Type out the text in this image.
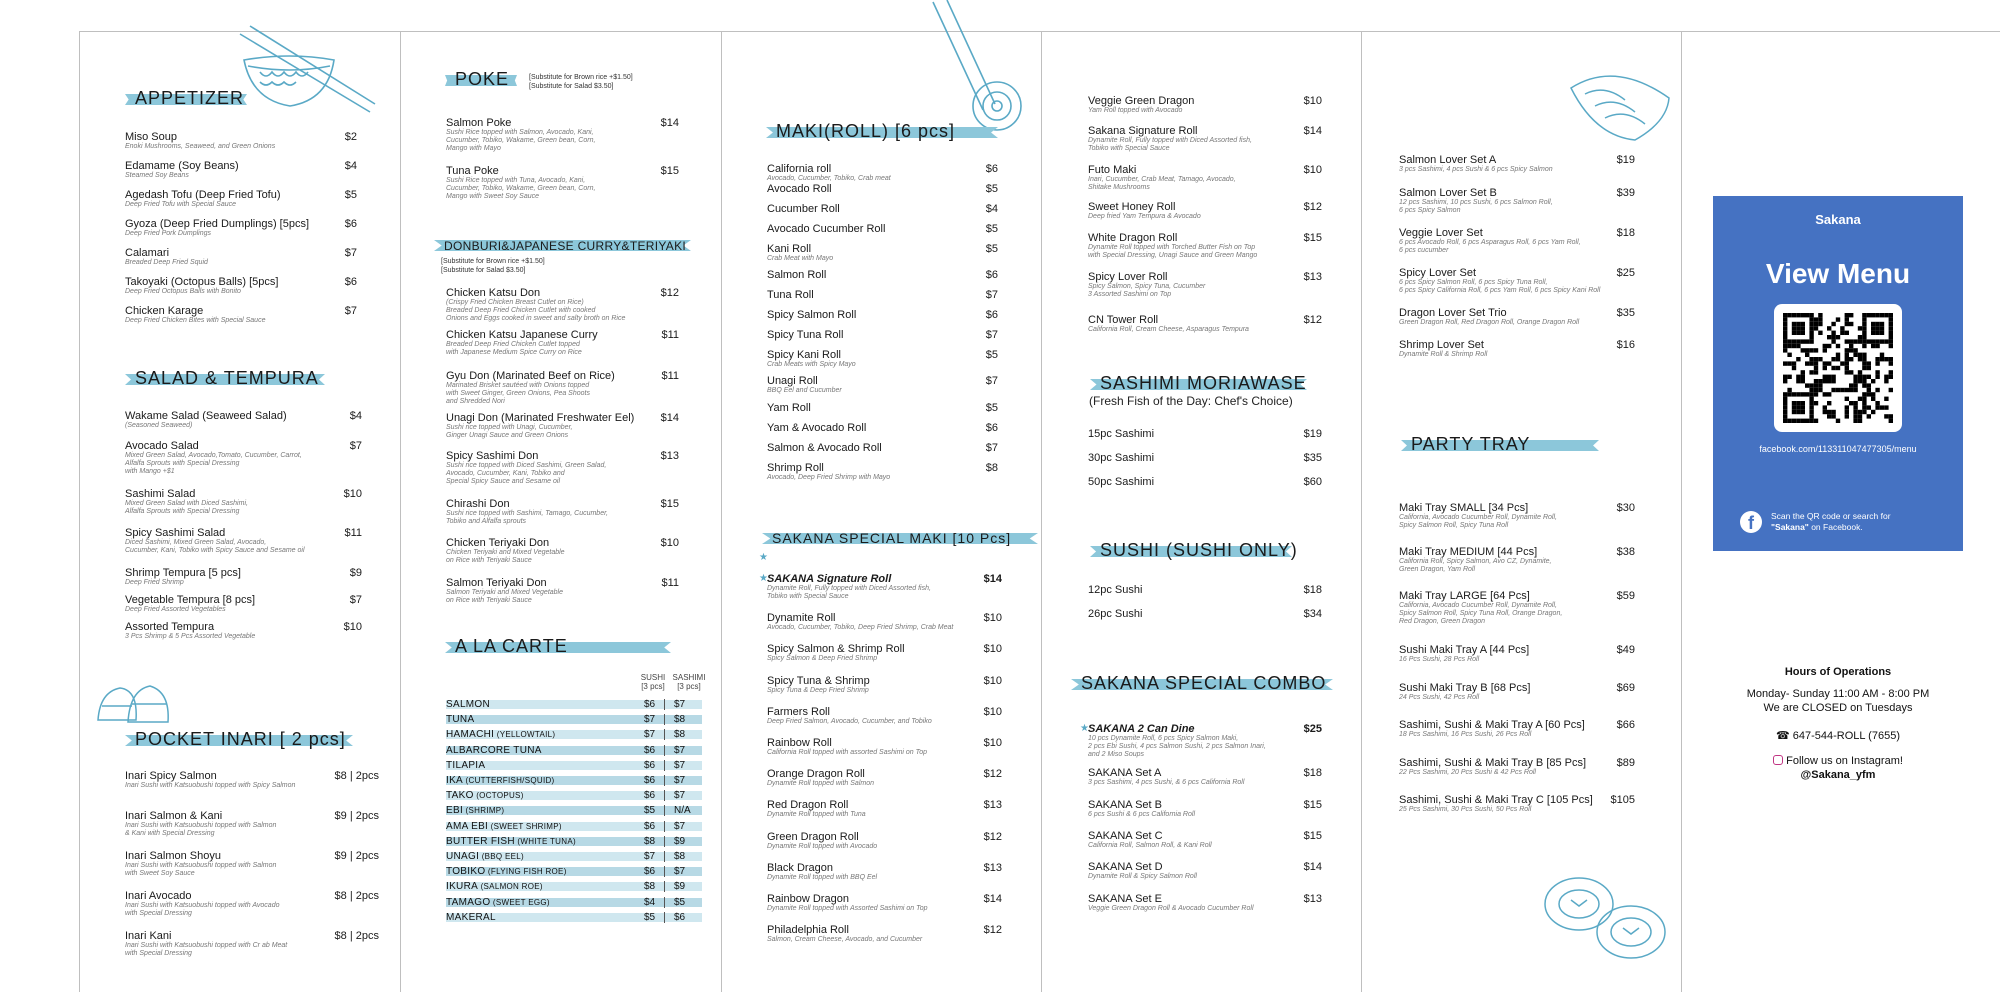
APPETIZER
Miso Soup
Enoki Mushrooms, Seaweed, and Green Onions
$2
Edamame (Soy Beans)
Steamed Soy Beans
$4
Agedash Tofu (Deep Fried Tofu)
Deep Fried Tofu with Special Sauce
$5
Gyoza (Deep Fried Dumplings) [5pcs]
Deep Fried Pork Dumplings
$6
Calamari
Breaded Deep Fried Squid
$7
Takoyaki (Octopus Balls) [5pcs]
Deep Fried Octopus Balls with Bonito
$6
Chicken Karage
Deep Fried Chicken Bites with Special Sauce
$7
SALAD & TEMPURA
Wakame Salad (Seaweed Salad)
(Seasoned Seaweed)
$4
Avocado Salad
Mixed Green Salad, Avocado,Tomato, Cucumber, Carrot,
Alfalfa Sprouts with Special Dressing
with Mango +$1
$7
Sashimi Salad
Mixed Green Salad with Diced Sashimi,
Alfalfa Sprouts with Special Dressing
$10
Spicy Sashimi Salad
Diced Sashimi, Mixed Green Salad, Avocado,
Cucumber, Kani, Tobiko with Spicy Sauce and Sesame oil
$11
Shrimp Tempura [5 pcs]
Deep Fried Shrimp
$9
Vegetable Tempura [8 pcs]
Deep Fried Assorted Vegetables
$7
Assorted Tempura
3 Pcs Shrimp & 5 Pcs Assorted Vegetable
$10
POCKET INARI [ 2 pcs]
Inari Spicy Salmon
Inari Sushi with Katsuobushi topped with Spicy Salmon
$8 | 2pcs
Inari Salmon & Kani
Inari Sushi with Katsuobushi topped with Salmon
& Kani with Special Dressing
$9 | 2pcs
Inari Salmon Shoyu
Inari Sushi with Katsuobushi topped with Salmon
with Sweet Soy Sauce
$9 | 2pcs
Inari Avocado
Inari Sushi with Katsuobushi topped with Avocado
with Special Dressing
$8 | 2pcs
Inari Kani
Inari Sushi with Katsuobushi topped with Cr ab Meat
with Special Dressing
$8 | 2pcs
POKE	[Substitute for Brown rice +$1.50]
[Substitute for Salad $3.50]
Salmon Poke
Sushi Rice topped with Salmon, Avocado, Kani,
Cucumber, Tobiko, Wakame, Green bean, Corn,
Mango with Mayo
$14
Tuna Poke
Sushi Rice topped with Tuna, Avocado, Kani,
Cucumber, Tobiko, Wakame, Green bean, Corn,
Mango with Sweet Soy Sauce
$15
DONBURI&JAPANESE CURRY&TERIYAKI
[Substitute for Brown rice +$1.50]
[Substitute for Salad $3.50]
Chicken Katsu Don
(Crispy Fried Chicken Breast Cutlet on Rice)
Breaded Deep Fried Chicken Cutlet with cooked
Onions and Eggs cooked in sweet and salty broth on Rice
$12
Chicken Katsu Japanese Curry
Breaded Deep Fried Chicken Cutlet topped
with Japanese Medium Spice Curry on Rice
$11
Gyu Don (Marinated Beef on Rice)
Marinated Brisket sautéed with Onions topped
with Sweet Ginger, Green Onions, Pea Shoots
and Shredded Nori
$11
Unagi Don (Marinated Freshwater Eel)
Sushi rice topped with Unagi, Cucumber,
Ginger Unagi Sauce and Green Onions
$14
Spicy Sashimi Don
Sushi rice topped with Diced Sashimi, Green Salad,
Avocado, Cucumber, Kani, Tobiko and
Special Spicy Sauce and Sesame oil
$13
Chirashi Don
Sushi rice topped with Sashimi, Tamago, Cucumber,
Tobiko and Alfalfa sprouts
$15
Chicken Teriyaki Don
Chicken Teriyaki and Mixed Vegetable
on Rice with Teriyaki Sauce
$10
Salmon Teriyaki Don
Salmon Teriyaki and Mixed Vegetable
on Rice with Teriyaki Sauce
$11
A LA CARTE
SUSHI
[3 pcs]
SASHIMI
[3 pcs]
SALMON	$6 $7
TUNA	$7 $8
HAMACHI (YELLOWTAIL)	$7 $8
ALBARCORE TUNA	$6 $7
TILAPIA	$6 $7
IKA (CUTTERFISH/SQUID)	$6 $7
TAKO (OCTOPUS)	$6 $7
EBI (SHRIMP)	$5 N/A
AMA EBI (SWEET SHRIMP)	$6 $7
BUTTER FISH (WHITE TUNA)	$8 $9
UNAGI (BBQ EEL)	$7 $8
TOBIKO (FLYING FISH ROE)	$6 $7
IKURA (SALMON ROE)	$8 $9
TAMAGO (SWEET EGG)	$4 $5
MAKERAL	$5 $6
MAKI(ROLL) [6 pcs]
California roll
Avocado, Cucumber, Tobiko, Crab meat
$6
Avocado Roll	$5
Cucumber Roll	$4
Avocado Cucumber Roll	$5
Kani Roll
Crab Meat with Mayo
$5
Salmon Roll	$6
Tuna Roll	$7
Spicy Salmon Roll	$6
Spicy Tuna Roll	$7
Spicy Kani Roll
Crab Meats with Spicy Mayo
$5
Unagi Roll
BBQ Eel and Cucumber
$7
Yam Roll	$5
Yam & Avocado Roll	$6
Salmon & Avocado Roll	$7
Shrimp Roll
Avocado, Deep Fried Shrimp with Mayo
$8
SAKANA SPECIAL MAKI [10 Pcs]
★
SAKANA Signature Roll
★
Dynamite Roll, Fully topped with Diced Assorted fish,
Tobiko with Special Sauce
$14
Dynamite Roll
Avocado, Cucumber, Tobiko, Deep Fried Shrimp, Crab Meat
$10
Spicy Salmon & Shrimp Roll
Spicy Salmon & Deep Fried Shrimp
$10
Spicy Tuna & Shrimp
Spicy Tuna & Deep Fried Shrimp
$10
Farmers Roll
Deep Fried Salmon, Avocado, Cucumber, and Tobiko
$10
Rainbow Roll
California Roll topped with assorted Sashimi on Top
$10
Orange Dragon Roll
Dynamite Roll topped with Salmon
$12
Red Dragon Roll
Dynamite Roll topped with Tuna
$13
Green Dragon Roll
Dynamite Roll topped with Avocado
$12
Black Dragon
Dynamite Roll topped with BBQ Eel
$13
Rainbow Dragon
Dynamite Roll topped with Assorted Sashimi on Top
$14
Philadelphia Roll
Salmon, Cream Cheese, Avocado, and Cucumber
$12
Veggie Green Dragon
Yam Roll topped with Avocado
$10
Sakana Signature Roll
Dynamite Roll, Fully topped with Diced Assorted fish,
Tobiko with Special Sauce
$14
Futo Maki
Inari, Cucumber, Crab Meat, Tamago, Avocado,
Shitake Mushrooms
$10
Sweet Honey Roll
Deep fried Yam Tempura & Avocado
$12
White Dragon Roll
Dynamite Roll topped with Torched Butter Fish on Top
with Special Dressing, Unagi Sauce and Green Mango
$15
Spicy Lover Roll
Spicy Salmon, Spicy Tuna, Cucumber
3 Assorted Sashimi on Top
$13
CN Tower Roll
California Roll, Cream Cheese, Asparagus Tempura
$12
SASHIMI MORIAWASE
(Fresh Fish of the Day: Chef's Choice)
15pc Sashimi	$19
30pc Sashimi	$35
50pc Sashimi	$60
SUSHI (SUSHI ONLY)
12pc Sushi	$18
26pc Sushi	$34
SAKANA SPECIAL COMBO
SAKANA 2 Can Dine
★
10 pcs Dynamite Roll, 6 pcs Spicy Salmon Maki,
2 pcs Ebi Sushi, 4 pcs Salmon Sushi, 2 pcs Salmon Inari,
and 2 Miso Soups
$25
SAKANA Set A
3 pcs Sashimi, 4 pcs Sushi, & 6 pcs California Roll
$18
SAKANA Set B
6 pcs Sushi & 6 pcs California Roll
$15
SAKANA Set C
California Roll, Salmon Roll, & Kani Roll
$15
SAKANA Set D
Dynamite Roll & Spicy Salmon Roll
$14
SAKANA Set E
Veggie Green Dragon Roll & Avocado Cucumber Roll
$13
Salmon Lover Set A
3 pcs Sashimi, 4 pcs Sushi & 6 pcs Spicy Salmon
$19
Salmon Lover Set B
12 pcs Sashimi, 10 pcs Sushi, 6 pcs Salmon Roll,
6 pcs Spicy Salmon
$39
Veggie Lover Set
6 pcs Avocado Roll, 6 pcs Asparagus Roll, 6 pcs Yam Roll,
6 pcs cucumber
$18
Spicy Lover Set
6 pcs Spicy Salmon Roll, 6 pcs Spicy Tuna Roll,
6 pcs Spicy California Roll, 6 pcs Yam Roll, 6 pcs Spicy Kani Roll
$25
Dragon Lover Set Trio
Green Dragon Roll, Red Dragon Roll, Orange Dragon Roll
$35
Shrimp Lover Set
Dynamite Roll & Shrimp Roll
$16
PARTY TRAY
Maki Tray SMALL [34 Pcs]
California, Avocado Cucumber Roll, Dynamite Roll,
Spicy Salmon Roll, Spicy Tuna Roll
$30
Maki Tray MEDIUM [44 Pcs]
California Roll, Spicy Salmon, Avo CZ, Dynamite,
Green Dragon, Yam Roll
$38
Maki Tray LARGE [64 Pcs]
California, Avocado Cucumber Roll, Dynamite Roll,
Spicy Salmon Roll, Spicy Tuna Roll, Orange Dragon,
Red Dragon, Green Dragon
$59
Sushi Maki Tray A [44 Pcs]
16 Pcs Sushi, 28 Pcs Roll
$49
Sushi Maki Tray B [68 Pcs]
24 Pcs Sushi, 42 Pcs Roll
$69
Sashimi, Sushi & Maki Tray A [60 Pcs]
18 Pcs Sashimi, 16 Pcs Sushi, 26 Pcs Roll
$66
Sashimi, Sushi & Maki Tray B [85 Pcs]
22 Pcs Sashimi, 20 Pcs Sushi & 42 Pcs Roll
$89
Sashimi, Sushi & Maki Tray C [105 Pcs]
25 Pcs Sashimi, 30 Pcs Sushi, 50 Pcs Roll
$105
Sakana
View Menu
facebook.com/113311047477305/menu
f	Scan the QR code or search for
"Sakana" on Facebook.
Hours of Operations
Monday- Sunday 11:00 AM - 8:00 PM
We are CLOSED on Tuesdays
☎ 647-544-ROLL (7655)
Follow us on Instagram!
@Sakana_yfm
